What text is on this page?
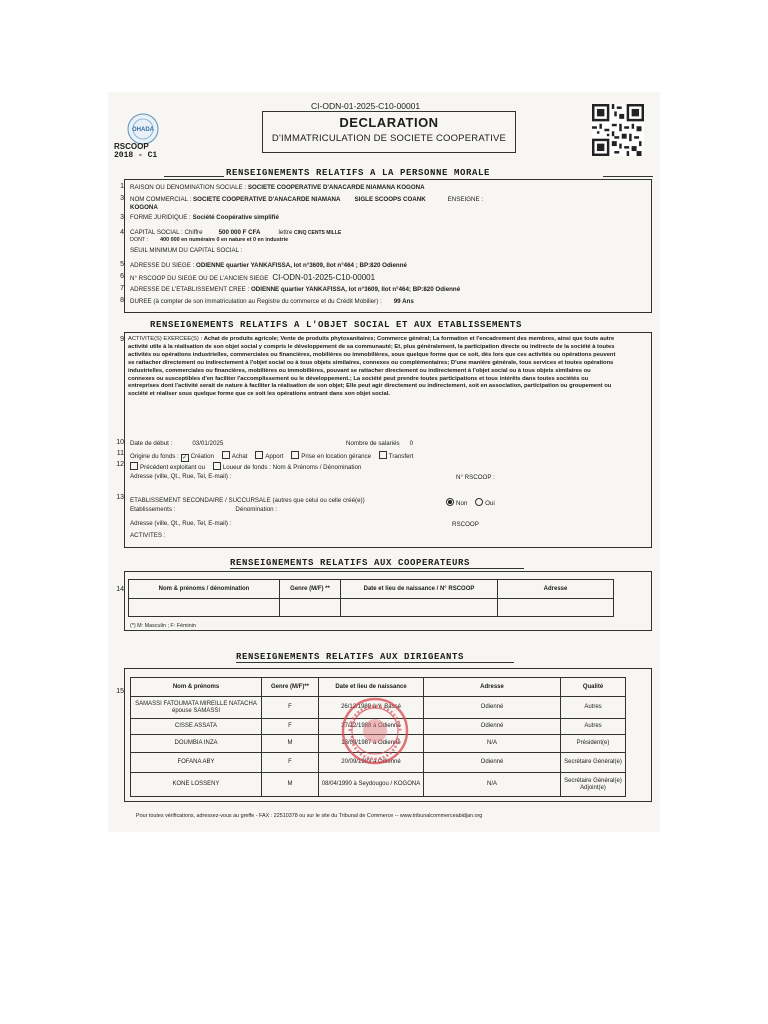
OHADA
RSCOOP
2018 - C1
CI-ODN-01-2025-C10-00001
DECLARATION
D'IMMATRICULATION DE SOCIETE COOPERATIVE
RENSEIGNEMENTS RELATIFS A LA PERSONNE MORALE
1
3
3
4
5
6
7
8
RAISON OU DENOMINATION SOCIALE : SOCIETE COOPERATIVE D'ANACARDE NIAMANA KOGONA
NOM COMMERCIAL : SOCIETE COOPERATIVE D'ANACARDE NIAMANA SIGLE SCOOPS COANK	ENSEIGNE :
KOGONA
FORME JURIDIQUE : Société Coopérative simplifié
CAPITAL SOCIAL : Chiffre	500 000 F CFA	lettre CINQ CENTS MILLE
DONT : 400 000 en numéraire 0 en nature et 0 en industrie
SEUIL MINIMUM DU CAPITAL SOCIAL :
ADRESSE DU SIEGE : ODIENNE quartier YANKAFISSA, lot n°3609, Ilot n°464 ; BP:820 Odienné
N° RSCOOP DU SIEGE OU DE L'ANCIEN SIEGE CI-ODN-01-2025-C10-00001
ADRESSE DE L'ETABLISSEMENT CREE : ODIENNE quartier YANKAFISSA, lot n°3609, Ilot n°464; BP:820 Odienné
DUREE (à compter de son immatriculation au Registre du commerce et du Crédit Mobilier) : 99 Ans
RENSEIGNEMENTS RELATIFS A L'OBJET SOCIAL ET AUX ETABLISSEMENTS
9 ACTIVITE(S) EXERCEE(S) : Achat de produits agricole; Vente de produits phytosanitaires; Commerce général; La formation et l'encadrement des membres, ainsi que toute autre activité utile à la réalisation de son objet social y compris le développement de sa communauté; Et, plus généralement, la participation directe ou indirecte de la société à toutes activités ou opérations industrielles, commerciales ou financières, mobilières ou immobilières, sous quelque forme que ce soit, dès lors que ces activités ou opérations peuvent se rattacher directement ou indirectement à l'objet social ou à tous objets similaires, connexes ou complémentaires; D'une manière générale, tous services et toutes opérations industrielles, commerciales ou financières, mobilières ou immobilières, pouvant se rattacher directement ou indirectement à l'objet social ou à tous objets similaires ou connexes ou susceptibles d'en faciliter l'accomplissement ou le développement.; La société peut prendre toutes participations et tous intérêts dans toutes sociétés ou entreprises dont l'activité serait de nature à faciliter la réalisation de son objet; Elle peut agir directement ou indirectement, soit en association, participation ou groupement ou société et réaliser sous quelque forme que ce soit les opérations entrant dans son objet social.
10 Date de début :	03/01/2025	Nombre de salariés 0
11 Origine du fonds : ✓ Création	Achat	Apport	Prise en location gérance	Transfert
12	Précédent exploitant ou	Loueur de fonds : Nom & Prénoms / Dénomination
Adresse (ville, Qt., Rue, Tel, E-mail) :	N° RSCOOP :
13 ETABLISSEMENT SECONDAIRE / SUCCURSALE (autres que celui ou celle créé(e))	Non	Oui
Etablissements :	Dénomination :
Adresse (ville, Qt., Rue, Tel, E-mail) :	RSCOOP
ACTIVITES :
RENSEIGNEMENTS RELATIFS AUX COOPERATEURS
14	Nom & prénoms / dénomination	Genre (M/F) **	Date et lieu de naissance / N° RSCOOP	Adresse

(*) M: Masculin ; F: Féminin
RENSEIGNEMENTS RELATIFS AUX DIRIGEANTS
15
Nom & prénoms	Genre (M/F)**	Date et lieu de naissance	Adresse	Qualité
SAMASSI FATOUMATA MIREILLE NATACHA épouse SAMASSI	F	26/12/1989 à Y. Bassé	Odienné	Autres
CISSE ASSATA	F	27/12/1988 à Odienné	Odienné	Autres
DOUMBIA INZA	M	13/08/1987 à Odienné	N/A	Président(e)
FOFANA ABY	F	20/09/1983 à Odienné	Odienné	Secrétaire Général(e)
KONE LOSSENY	M	08/04/1990 à Seydougou / KOGONA	N/A	Secrétaire Général(e) Adjoint(e)
Pour toutes vérifications, adressez-vous au greffe - FAX : 22510378 ou sur le site du Tribunal de Commerce -- www.tribunalcommerceabidjan.org
